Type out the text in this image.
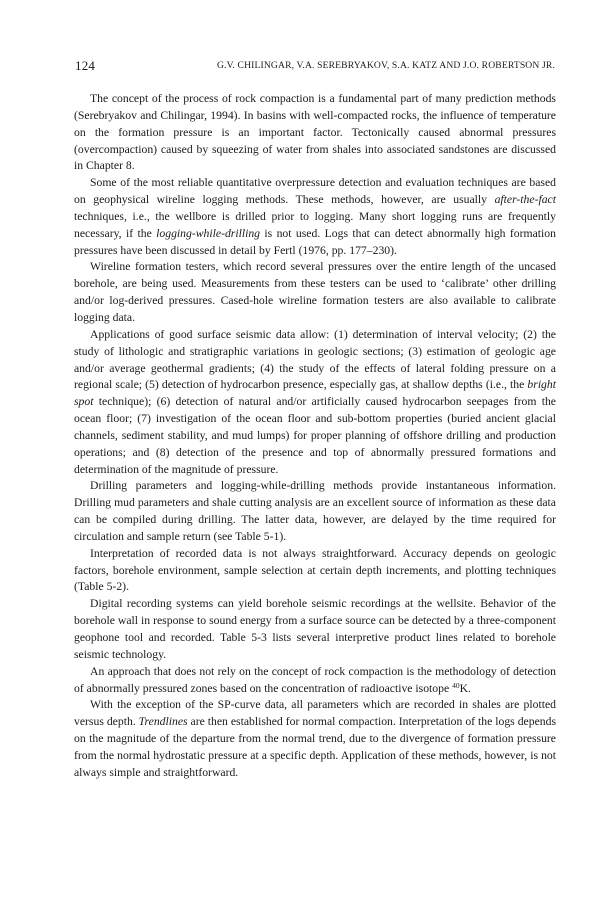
124	G.V. CHILINGAR, V.A. SEREBRYAKOV, S.A. KATZ AND J.O. ROBERTSON JR.

The concept of the process of rock compaction is a fundamental part of many prediction methods (Serebryakov and Chilingar, 1994). In basins with well-compacted rocks, the influence of temperature on the formation pressure is an important factor. Tectonically caused abnormal pressures (overcompaction) caused by squeezing of water from shales into associated sandstones are discussed in Chapter 8.

Some of the most reliable quantitative overpressure detection and evaluation techniques are based on geophysical wireline logging methods. These methods, however, are usually after-the-fact techniques, i.e., the wellbore is drilled prior to logging. Many short logging runs are frequently necessary, if the logging-while-drilling is not used. Logs that can detect abnormally high formation pressures have been discussed in detail by Fertl (1976, pp. 177–230).

Wireline formation testers, which record several pressures over the entire length of the uncased borehole, are being used. Measurements from these testers can be used to ‘calibrate’ other drilling and/or log-derived pressures. Cased-hole wireline formation testers are also available to calibrate logging data.

Applications of good surface seismic data allow: (1) determination of interval velocity; (2) the study of lithologic and stratigraphic variations in geologic sections; (3) estimation of geologic age and/or average geothermal gradients; (4) the study of the effects of lateral folding pressure on a regional scale; (5) detection of hydrocarbon presence, especially gas, at shallow depths (i.e., the bright spot technique); (6) detection of natural and/or artificially caused hydrocarbon seepages from the ocean floor; (7) investigation of the ocean floor and sub-bottom properties (buried ancient glacial channels, sediment stability, and mud lumps) for proper planning of offshore drilling and production operations; and (8) detection of the presence and top of abnormally pressured formations and determination of the magnitude of pressure.

Drilling parameters and logging-while-drilling methods provide instantaneous information. Drilling mud parameters and shale cutting analysis are an excellent source of information as these data can be compiled during drilling. The latter data, however, are delayed by the time required for circulation and sample return (see Table 5-1).

Interpretation of recorded data is not always straightforward. Accuracy depends on geologic factors, borehole environment, sample selection at certain depth increments, and plotting techniques (Table 5-2).

Digital recording systems can yield borehole seismic recordings at the wellsite. Behavior of the borehole wall in response to sound energy from a surface source can be detected by a three-component geophone tool and recorded. Table 5-3 lists several interpretive product lines related to borehole seismic technology.

An approach that does not rely on the concept of rock compaction is the methodology of detection of abnormally pressured zones based on the concentration of radioactive isotope $^{40}$K.

With the exception of the SP-curve data, all parameters which are recorded in shales are plotted versus depth. Trendlines are then established for normal compaction. Interpretation of the logs depends on the magnitude of the departure from the normal trend, due to the divergence of formation pressure from the normal hydrostatic pressure at a specific depth. Application of these methods, however, is not always simple and straightforward.
